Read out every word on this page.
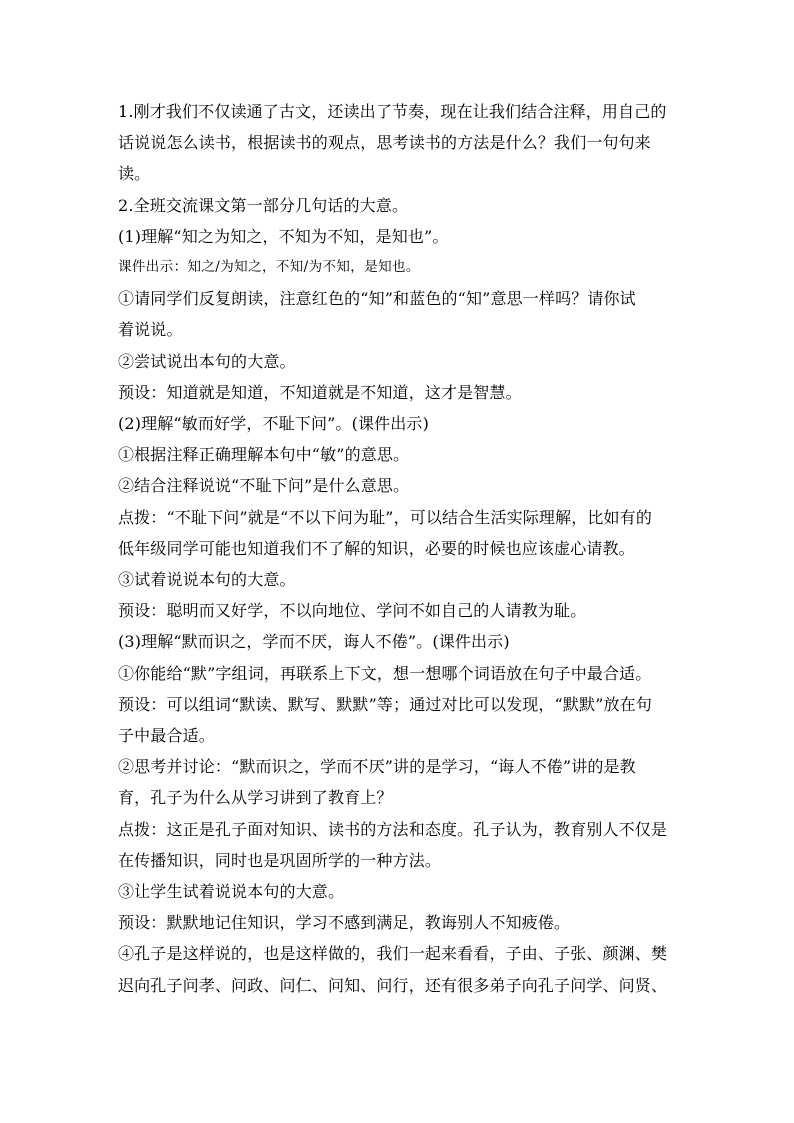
1.刚才我们不仅读通了古文，还读出了节奏，现在让我们结合注释，用自己的
话说说怎么读书，根据读书的观点，思考读书的方法是什么？我们一句句来
读。
2.全班交流课文第一部分几句话的大意。
(1)理解“知之为知之，不知为不知，是知也”。
课件出示：知之/为知之，不知/为不知，是知也。
①请同学们反复朗读，注意红色的“知”和蓝色的“知”意思一样吗？请你试
着说说。
②尝试说出本句的大意。
预设：知道就是知道，不知道就是不知道，这才是智慧。
(2)理解“敏而好学，不耻下问”。(课件出示)
①根据注释正确理解本句中“敏”的意思。
②结合注释说说“不耻下问”是什么意思。
点拨：“不耻下问”就是“不以下问为耻”，可以结合生活实际理解，比如有的
低年级同学可能也知道我们不了解的知识，必要的时候也应该虚心请教。
③试着说说本句的大意。
预设：聪明而又好学，不以向地位、学问不如自己的人请教为耻。
(3)理解“默而识之，学而不厌，诲人不倦”。(课件出示)
①你能给“默”字组词，再联系上下文，想一想哪个词语放在句子中最合适。
预设：可以组词“默读、默写、默默”等；通过对比可以发现，“默默”放在句
子中最合适。
②思考并讨论：“默而识之，学而不厌”讲的是学习，“诲人不倦”讲的是教
育，孔子为什么从学习讲到了教育上？
点拨：这正是孔子面对知识、读书的方法和态度。孔子认为，教育别人不仅是
在传播知识，同时也是巩固所学的一种方法。
③让学生试着说说本句的大意。
预设：默默地记住知识，学习不感到满足，教诲别人不知疲倦。
④孔子是这样说的，也是这样做的，我们一起来看看，子由、子张、颜渊、樊
迟向孔子问孝、问政、问仁、问知、问行，还有很多弟子向孔子问学、问贤、
